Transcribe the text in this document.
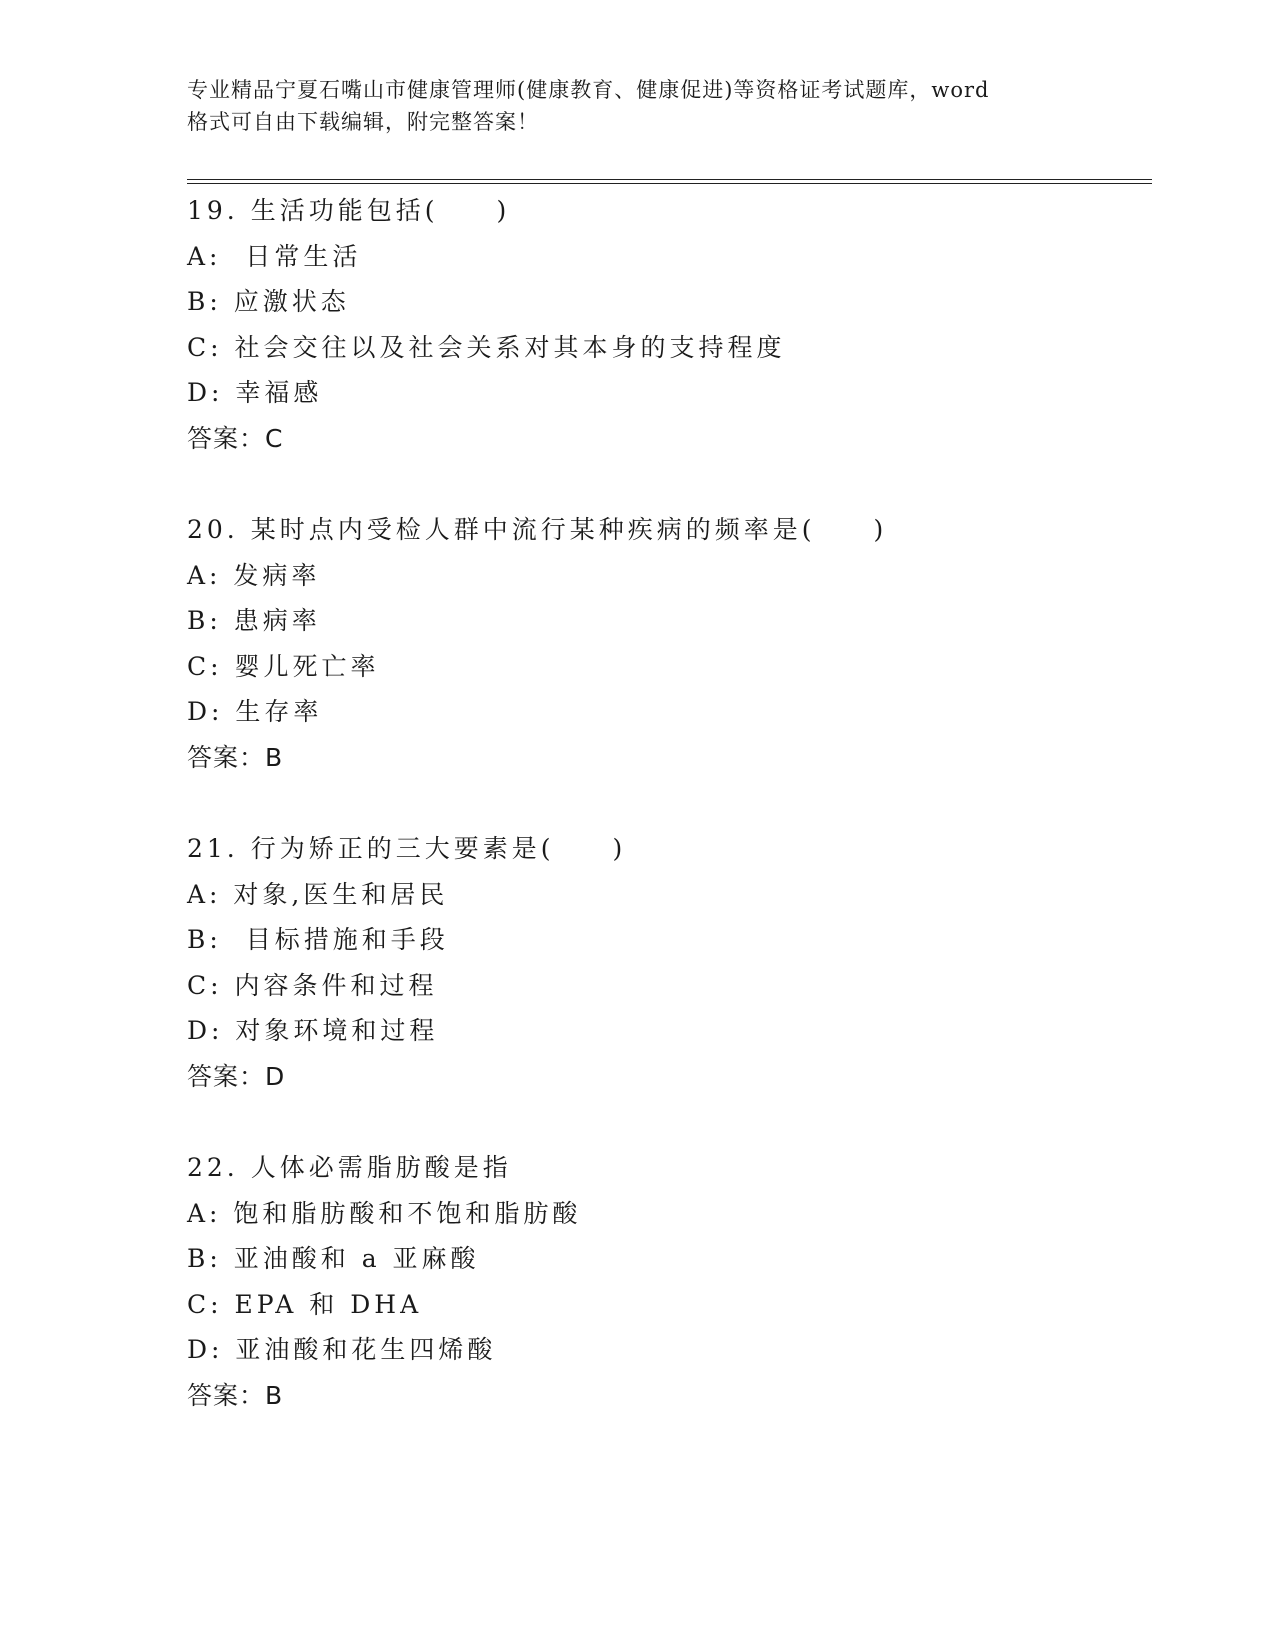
专业精品宁夏石嘴山市健康管理师(健康教育、健康促进)等资格证考试题库，word
格式可自由下载编辑，附完整答案！
19. 生活功能包括(　　)
A:  日常生活
B: 应激状态
C: 社会交往以及社会关系对其本身的支持程度
D: 幸福感
答案：C
20. 某时点内受检人群中流行某种疾病的频率是(　　)
A: 发病率
B: 患病率
C: 婴儿死亡率
D: 生存率
答案：B
21. 行为矫正的三大要素是(　　)
A: 对象,医生和居民
B:  目标措施和手段
C: 内容条件和过程
D: 对象环境和过程
答案：D
22. 人体必需脂肪酸是指
A: 饱和脂肪酸和不饱和脂肪酸
B: 亚油酸和 a 亚麻酸
C: EPA 和 DHA
D: 亚油酸和花生四烯酸
答案：B
